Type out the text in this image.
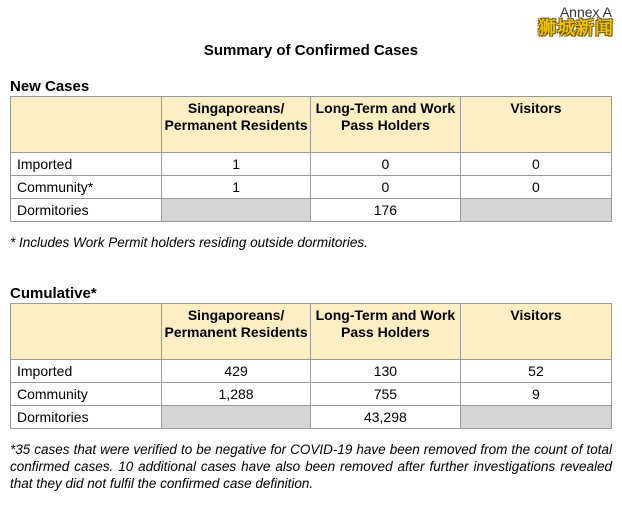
Annex A
狮城新闻
Summary of Confirmed Cases
New Cases
	Singaporeans/ Permanent Residents	Long-Term and Work Pass Holders	Visitors
Imported	1	0	0
Community*	1	0	0
Dormitories		176	
* Includes Work Permit holders residing outside dormitories.
Cumulative*
	Singaporeans/ Permanent Residents	Long-Term and Work Pass Holders	Visitors
Imported	429	130	52
Community	1,288	755	9
Dormitories		43,298	
*35 cases that were verified to be negative for COVID-19 have been removed from the count of total confirmed cases. 10 additional cases have also been removed after further investigations revealed that they did not fulfil the confirmed case definition.
